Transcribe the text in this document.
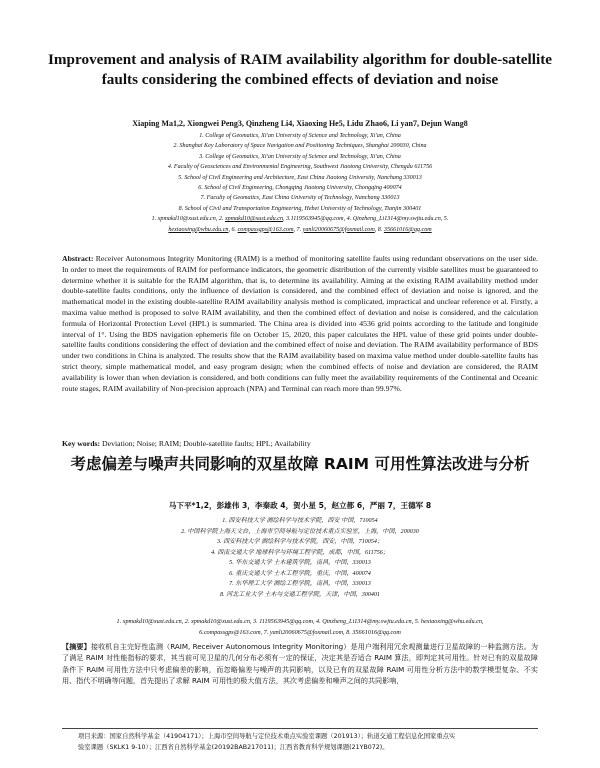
Improvement and analysis of RAIM availability algorithm for double-satellite faults considering the combined effects of deviation and noise
Xiaping Ma1,2, Xiongwei Peng3, Qinzheng Li4, Xiaoxing He5, Lidu Zhao6, Li yan7, Dejun Wang8
1. College of Geomatics, Xi'an University of Science and Technology, Xi'an, China
2. Shanghai Key Laboratory of Space Navigation and Positioning Techniques, Shanghai 200030, China
3. College of Geomatics, Xi'an University of Science and Technology, Xi'an, China
4. Faculty of Geosciences and Environmental Engineering, Southwest Jiaotong University, Chengdu 611756
5. School of Civil Engineering and Architecture, East China Jiaotong University, Nanchang 330013
6. School of Civil Engineering, Chongqing Jiaotong University, Chongqing 400074
7. Faculty of Geomatics, East China University of Technology, Nanchang 330013
8. School of Civil and Transportation Engineering, Hebei University of Technology, Tianjin 300401
1. xpmakd10@xust.edu.cn, 2. xpmakd10@xust.edu.cn, 3.1119563945@qq.com, 4. Qinzheng_Li1314@my.swjtu.edu.cn, 5.
hexiaoxing@whu.edu.cn, 6. compassgps@163.com, 7. yanli20060675@foxmail.com, 8. 35661016@qq.com
Abstract: Receiver Autonomous Integrity Monitoring (RAIM) is a method of monitoring satellite faults using redundant observations on the user side. In order to meet the requirements of RAIM for performance indicators, the geometric distribution of the currently visible satellites must be guaranteed to determine whether it is suitable for the RAIM algorithm, that is, to determine its availability. Aiming at the existing RAIM availability method under double-satellite faults conditions, only the influence of deviation is considered, and the combined effect of deviation and noise is ignored, and the mathematical model in the existing double-satellite RAIM availability analysis method is complicated, impractical and unclear reference et al. Firstly, a maxima value method is proposed to solve RAIM availability, and then the combined effect of deviation and noise is considered, and the calculation formula of Horizontal Protection Level (HPL) is summaried. The China area is divided into 4536 grid points according to the latitude and longitude interval of 1°. Using the BDS navigation ephemeris file on October 15, 2020, this paper calculates the HPL value of these grid points under double-satellite faults conditions considering the effect of deviation and the combined effect of noise and deviation. The RAIM availability performance of BDS under two conditions in China is analyzed. The results show that the RAIM availability based on maxima value method under double-satellite faults has strict theory, simple mathematical model, and easy program design; when the combined effects of noise and deviation are considered, the RAIM availability is lower than when deviation is considered, and both conditions can fully meet the availability requirements of the Continental and Oceanic route stages, RAIM availability of Non-precision approach (NPA) and Terminal can reach more than 99.97%.
Key words: Deviation; Noise; RAIM; Double-satellite faults; HPL; Availability
考虑偏差与噪声共同影响的双星故障 RAIM 可用性算法改进与分析
马下平*1,2，彭雄伟 3，李秦政 4，贺小星 5，赵立都 6，严丽 7，王德军 8
1. 西安科技大学 测绘科学与技术学院，西安 中国，710054
2. 中国科学院上海天文台，上海市空间导航与定位技术重点实验室，上海，中国，200030
3. 西安科技大学 测绘科学与技术学院，西安，中国，710054；
4. 西南交通大学 地球科学与环境工程学院，成都，中国，611756；
5. 华东交通大学 土木建筑学院，南昌，中国，330013
6. 重庆交通大学 土木工程学院，重庆，中国，400074
7. 东华理工大学 测绘工程学院，南昌，中国，330013
8. 河北工业大学 土木与交通工程学院，天津，中国，300401
1. xpmakd10@xust.edu.cn, 2. xpmakd10@xust.edu.cn, 3. 1119563945@qq.com, 4. Qinzheng_Li1314@my.swjtu.edu.cn, 5. hexiaoxing@whu.edu.cn,
6.compassgps@163.com, 7. yanli20060675@foxmail.com, 8. 35661016@qq.com
【摘要】接收机自主完好性监测（RAIM, Receiver Autonomous Integrity Monitoring）是用户端利用冗余观测量进行卫星故障的一种监测方法。为了满足 RAIM 对性能指标的要求，其当前可见卫星的几何分布必须有一定的保证，决定其是否适合 RAIM 算法，即判定其可用性。针对已有的双星故障条件下 RAIM 可用性方法中只考虑偏差的影响，而忽略偏差与噪声的共同影响，以及已有的双星故障 RAIM 可用性分析方法中的数学模型复杂、不实用、指代不明确等问题，首先提出了求解 RAIM 可用性的极大值方法，其次考虑偏差和噪声之间的共同影响，
项目来源：国家自然科学基金（41904171）；上海市空间导航与定位技术重点实验室课题（201913）；轨道交通工程信息化国家重点实
验室课题（SKLK1 9-10）；江西省自然科学基金(20192BAB217011)；江西省教育科学规划课题(21YB072)。
